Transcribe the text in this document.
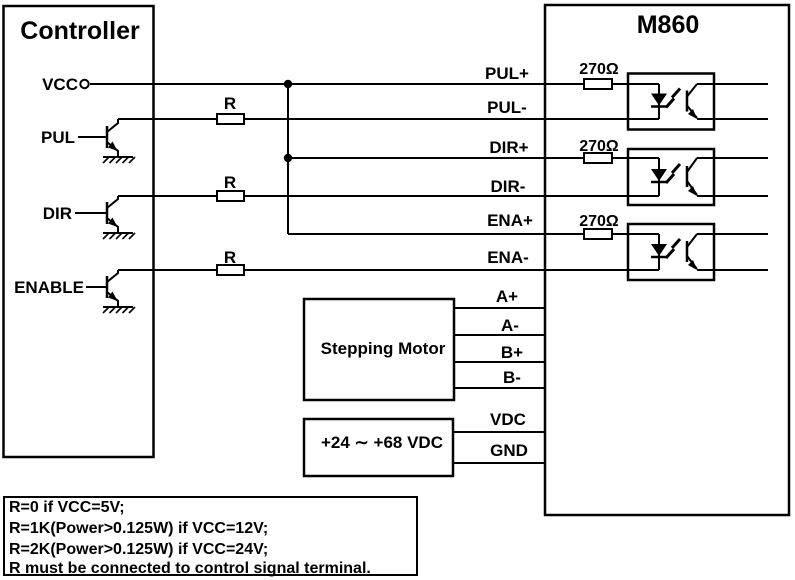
Controller	M860
VCC
PUL
DIR
ENABLE
R
R
R
270Ω
270Ω
270Ω
PUL+
PUL-
DIR+
DIR-
ENA+
ENA-
A+
A-
B+
B-
VDC
GND
Stepping Motor
+24 ∼ +68 VDC
R=0 if VCC=5V;
R=1K(Power>0.125W) if VCC=12V;
R=2K(Power>0.125W) if VCC=24V;
R must be connected to control signal terminal.
